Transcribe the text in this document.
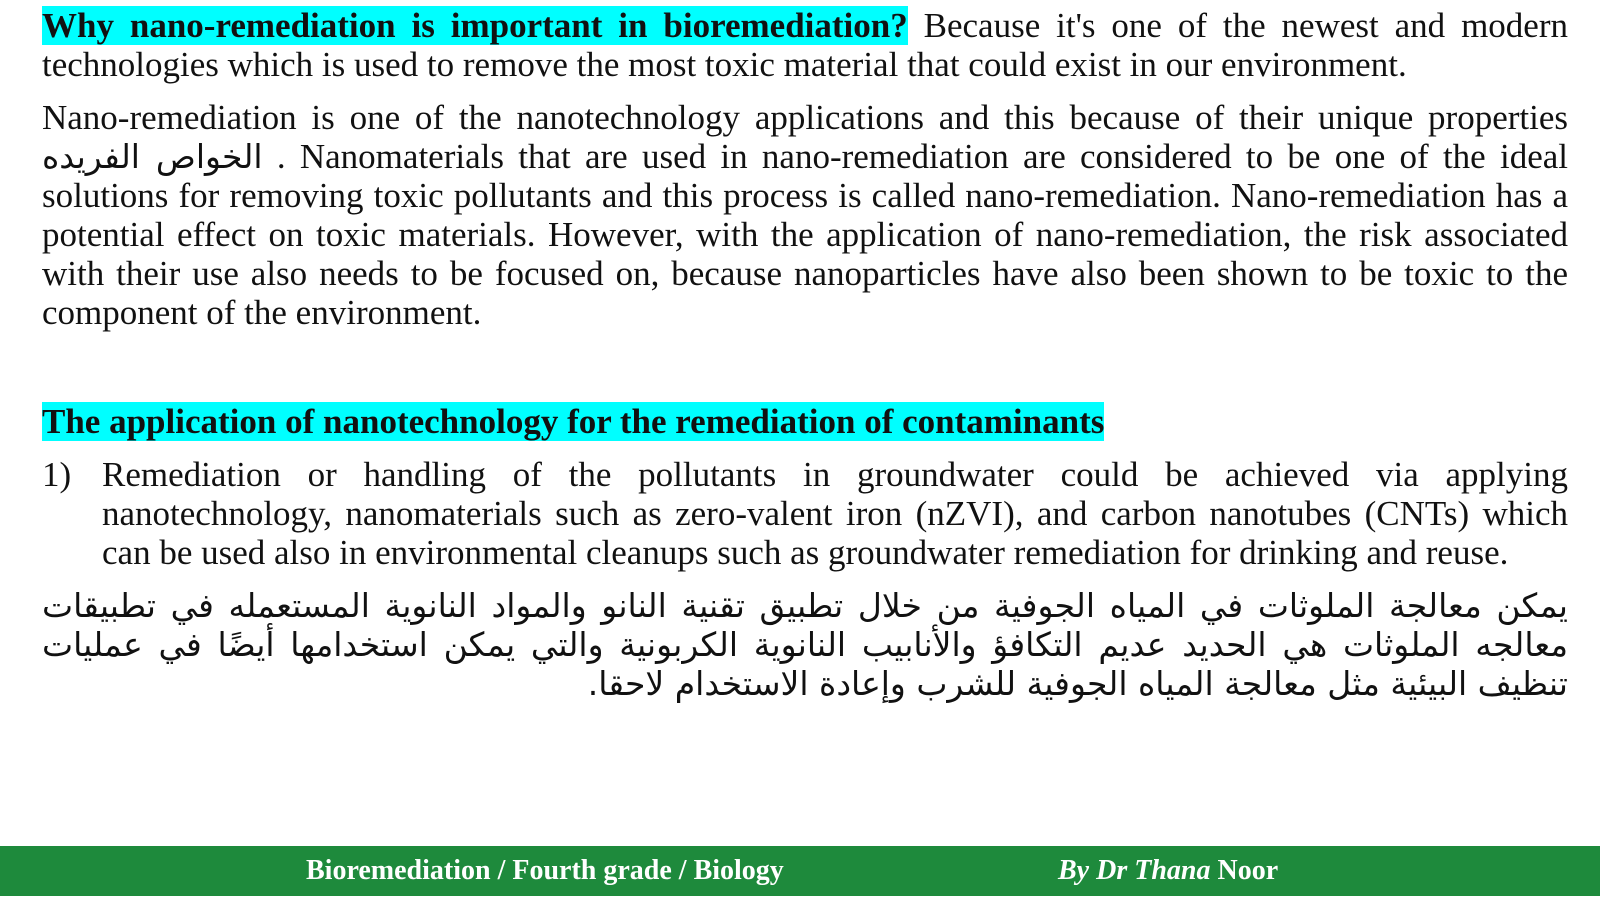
Why nano-remediation is important in bioremediation? Because it's one of the newest and modern technologies which is used to remove the most toxic material that could exist in our environment.

Nano-remediation is one of the nanotechnology applications and this because of their unique properties الخواص الفريده . Nanomaterials that are used in nano-remediation are considered to be one of the ideal solutions for removing toxic pollutants and this process is called nano-remediation. Nano-remediation has a potential effect on toxic materials. However, with the application of nano-remediation, the risk associated with their use also needs to be focused on, because nanoparticles have also been shown to be toxic to the component of the environment.

The application of nanotechnology for the remediation of contaminants

1) Remediation or handling of the pollutants in groundwater could be achieved via applying nanotechnology, nanomaterials such as zero-valent iron (nZVI), and carbon nanotubes (CNTs) which can be used also in environmental cleanups such as groundwater remediation for drinking and reuse.

يمكن معالجة الملوثات في المياه الجوفية من خلال تطبيق تقنية النانو والمواد النانوية المستعمله في تطبيقات معالجه الملوثات هي الحديد عديم التكافؤ والأنابيب النانوية الكربونية والتي يمكن استخدامها أيضًا في عمليات تنظيف البيئية مثل معالجة المياه الجوفية للشرب وإعادة الاستخدام لاحقا.

Bioremediation / Fourth grade / Biology	By Dr Thana Noor
